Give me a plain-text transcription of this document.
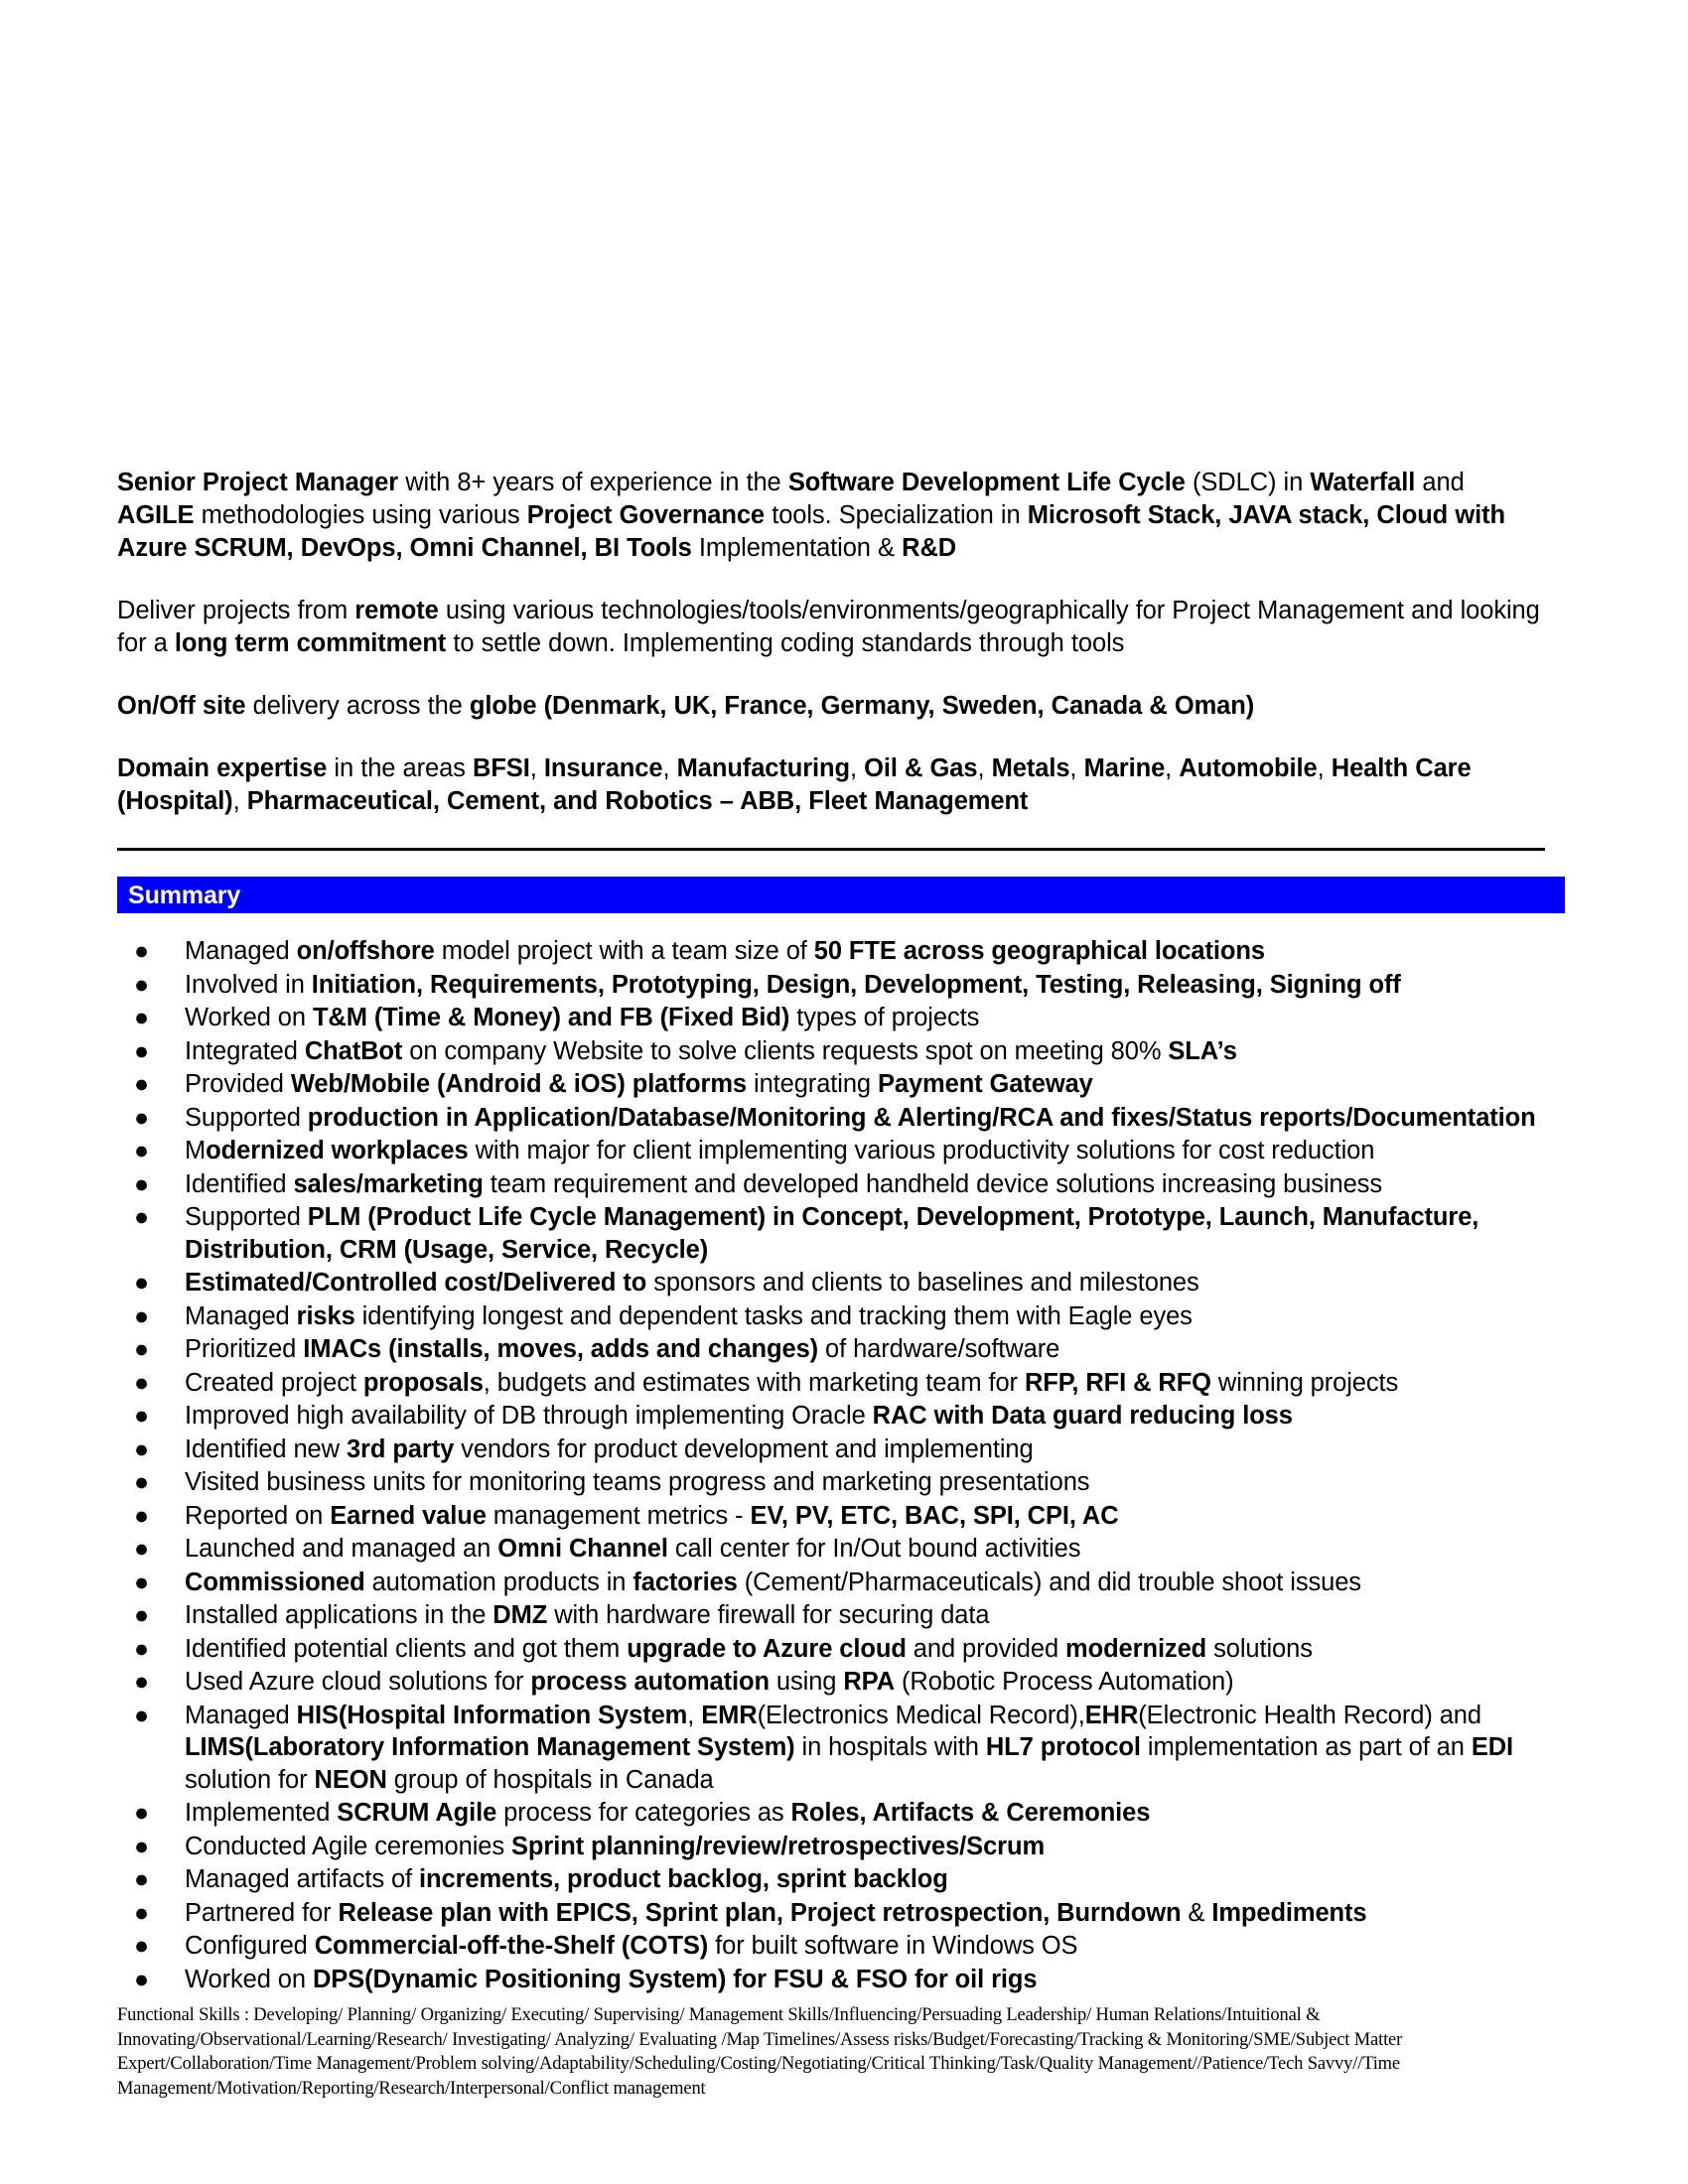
Senior Project Manager with 8+ years of experience in the Software Development Life Cycle (SDLC) in Waterfall and AGILE methodologies using various Project Governance tools. Specialization in Microsoft Stack, JAVA stack, Cloud with Azure SCRUM, DevOps, Omni Channel, BI Tools Implementation & R&D

Deliver projects from remote using various technologies/tools/environments/geographically for Project Management and looking for a long term commitment to settle down. Implementing coding standards through tools

On/Off site delivery across the globe (Denmark, UK, France, Germany, Sweden, Canada & Oman)

Domain expertise in the areas BFSI, Insurance, Manufacturing, Oil & Gas, Metals, Marine, Automobile, Health Care (Hospital), Pharmaceutical, Cement, and Robotics – ABB, Fleet Management

Summary
● Managed on/offshore model project with a team size of 50 FTE across geographical locations
● Involved in Initiation, Requirements, Prototyping, Design, Development, Testing, Releasing, Signing off
● Worked on T&M (Time & Money) and FB (Fixed Bid) types of projects
● Integrated ChatBot on company Website to solve clients requests spot on meeting 80% SLA’s
● Provided Web/Mobile (Android & iOS) platforms integrating Payment Gateway
● Supported production in Application/Database/Monitoring & Alerting/RCA and fixes/Status reports/Documentation
● Modernized workplaces with major for client implementing various productivity solutions for cost reduction
● Identified sales/marketing team requirement and developed handheld device solutions increasing business
● Supported PLM (Product Life Cycle Management) in Concept, Development, Prototype, Launch, Manufacture, Distribution, CRM (Usage, Service, Recycle)
● Estimated/Controlled cost/Delivered to sponsors and clients to baselines and milestones
● Managed risks identifying longest and dependent tasks and tracking them with Eagle eyes
● Prioritized IMACs (installs, moves, adds and changes) of hardware/software
● Created project proposals, budgets and estimates with marketing team for RFP, RFI & RFQ winning projects
● Improved high availability of DB through implementing Oracle RAC with Data guard reducing loss
● Identified new 3rd party vendors for product development and implementing
● Visited business units for monitoring teams progress and marketing presentations
● Reported on Earned value management metrics - EV, PV, ETC, BAC, SPI, CPI, AC
● Launched and managed an Omni Channel call center for In/Out bound activities
● Commissioned automation products in factories (Cement/Pharmaceuticals) and did trouble shoot issues
● Installed applications in the DMZ with hardware firewall for securing data
● Identified potential clients and got them upgrade to Azure cloud and provided modernized solutions
● Used Azure cloud solutions for process automation using RPA (Robotic Process Automation)
● Managed HIS(Hospital Information System, EMR(Electronics Medical Record),EHR(Electronic Health Record) and LIMS(Laboratory Information Management System) in hospitals with HL7 protocol implementation as part of an EDI solution for NEON group of hospitals in Canada
● Implemented SCRUM Agile process for categories as Roles, Artifacts & Ceremonies
● Conducted Agile ceremonies Sprint planning/review/retrospectives/Scrum
● Managed artifacts of increments, product backlog, sprint backlog
● Partnered for Release plan with EPICS, Sprint plan, Project retrospection, Burndown & Impediments
● Configured Commercial-off-the-Shelf (COTS) for built software in Windows OS
● Worked on DPS(Dynamic Positioning System) for FSU & FSO for oil rigs
Functional Skills : Developing/ Planning/ Organizing/ Executing/ Supervising/ Management Skills/Influencing/Persuading Leadership/ Human Relations/Intuitional & Innovating/Observational/Learning/Research/ Investigating/ Analyzing/ Evaluating /Map Timelines/Assess risks/Budget/Forecasting/Tracking & Monitoring/SME/Subject Matter Expert/Collaboration/Time Management/Problem solving/Adaptability/Scheduling/Costing/Negotiating/Critical Thinking/Task/Quality Management//Patience/Tech Savvy//Time Management/Motivation/Reporting/Research/Interpersonal/Conflict management
